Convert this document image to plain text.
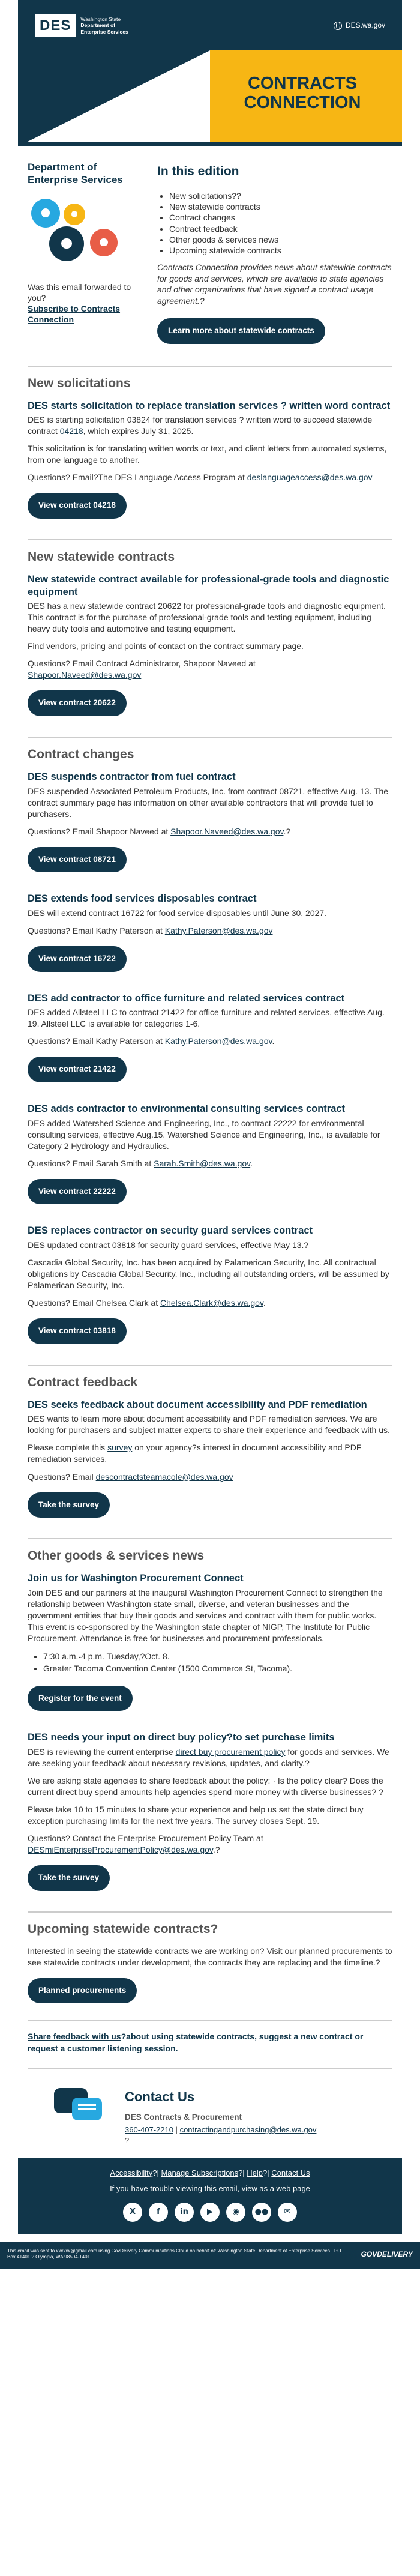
DES	Washington State
Department of
Enterprise Services
DES.wa.gov
CONTRACTS
CONNECTION
Department of Enterprise Services
Was this email forwarded to you?
Subscribe to Contracts Connection
In this edition
• New solicitations??
• New statewide contracts
• Contract changes
• Contract feedback
• Other goods & services news
• Upcoming statewide contracts
Contracts Connection provides news about statewide contracts for goods and services, which are available to state agencies and other organizations that have signed a contract usage agreement.?
Learn more about statewide contracts
New solicitations
DES starts solicitation to replace translation services ? written word contract

DES is starting solicitation 03824 for translation services ? written word to succeed statewide contract 04218, which expires July 31, 2025.

This solicitation is for translating written words or text, and client letters from automated systems, from one language to another.

Questions? Email?The DES Language Access Program at deslanguageaccess@des.wa.gov

View contract 04218
New statewide contracts
New statewide contract available for professional-grade tools and diagnostic equipment

DES has a new statewide contract 20622 for professional-grade tools and diagnostic equipment. This contract is for the purchase of professional-grade tools and testing equipment, including heavy duty tools and automotive and testing equipment.

Find vendors, pricing and points of contact on the contract summary page.

Questions? Email Contract Administrator, Shapoor Naveed at
Shapoor.Naveed@des.wa.gov

View contract 20622
Contract changes
DES suspends contractor from fuel contract

DES suspended Associated Petroleum Products, Inc. from contract 08721, effective Aug. 13. The contract summary page has information on other available contractors that will provide fuel to purchasers.

Questions? Email Shapoor Naveed at Shapoor.Naveed@des.wa.gov.?

View contract 08721
DES extends food services disposables contract

DES will extend contract 16722 for food service disposables until June 30, 2027.

Questions? Email Kathy Paterson at Kathy.Paterson@des.wa.gov

View contract 16722
DES add contractor to office furniture and related services contract

DES added Allsteel LLC to contract 21422 for office furniture and related services, effective Aug. 19. Allsteel LLC is available for categories 1-6.

Questions? Email Kathy Paterson at Kathy.Paterson@des.wa.gov.

View contract 21422
DES adds contractor to environmental consulting services contract

DES added Watershed Science and Engineering, Inc., to contract 22222 for environmental consulting services, effective Aug.15. Watershed Science and Engineering, Inc., is available for Category 2 Hydrology and Hydraulics.

Questions? Email Sarah Smith at Sarah.Smith@des.wa.gov.

View contract 22222
DES replaces contractor on security guard services contract

DES updated contract 03818 for security guard services, effective May 13.?

Cascadia Global Security, Inc. has been acquired by Palamerican Security, Inc. All contractual obligations by Cascadia Global Security, Inc., including all outstanding orders, will be assumed by Palamerican Security, Inc.

Questions? Email Chelsea Clark at Chelsea.Clark@des.wa.gov.

View contract 03818
Contract feedback
DES seeks feedback about document accessibility and PDF remediation

DES wants to learn more about document accessibility and PDF remediation services. We are looking for purchasers and subject matter experts to share their experience and feedback with us.

Please complete this survey on your agency?s interest in document accessibility and PDF remediation services.

Questions? Email descontractsteamacole@des.wa.gov

Take the survey
Other goods & services news
Join us for Washington Procurement Connect

Join DES and our partners at the inaugural Washington Procurement Connect to strengthen the relationship between Washington state small, diverse, and veteran businesses and the government entities that buy their goods and services and contract with them for public works. This event is co-sponsored by the Washington state chapter of NIGP, The Institute for Public Procurement. Attendance is free for businesses and procurement professionals.

• 7:30 a.m.-4 p.m. Tuesday,?Oct. 8.
• Greater Tacoma Convention Center (1500 Commerce St, Tacoma).
Register for the event
DES needs your input on direct buy policy?to set purchase limits

DES is reviewing the current enterprise direct buy procurement policy for goods and services. We are seeking your feedback about necessary revisions, updates, and clarity.?

We are asking state agencies to share feedback about the policy: · Is the policy clear? Does the current direct buy spend amounts help agencies spend more money with diverse businesses? ?

Please take 10 to 15 minutes to share your experience and help us set the state direct buy exception purchasing limits for the next five years. The survey closes Sept. 19.

Questions? Contact the Enterprise Procurement Policy Team at
DESmiEnterpriseProcurementPolicy@des.wa.gov.?

Take the survey
Upcoming statewide contracts?

Interested in seeing the statewide contracts we are working on? Visit our planned procurements to see statewide contracts under development, the contracts they are replacing and the timeline.?

Planned procurements
Share feedback with us?about using statewide contracts, suggest a new contract or request a customer listening session.
Contact Us
DES Contracts & Procurement
360-407-2210 | contractingandpurchasing@des.wa.gov
?
Accessibility?| Manage Subscriptions?| Help?| Contact Us
If you have trouble viewing this email, view as a web page
X	f	in	▶	◉	●●	✉
This email was sent to xxxxxx@gmail.com using GovDelivery Communications Cloud on behalf of: Washington State Department of Enterprise Services · PO Box 41401 ? Olympia, WA 98504-1401	GOVDELIVERY
